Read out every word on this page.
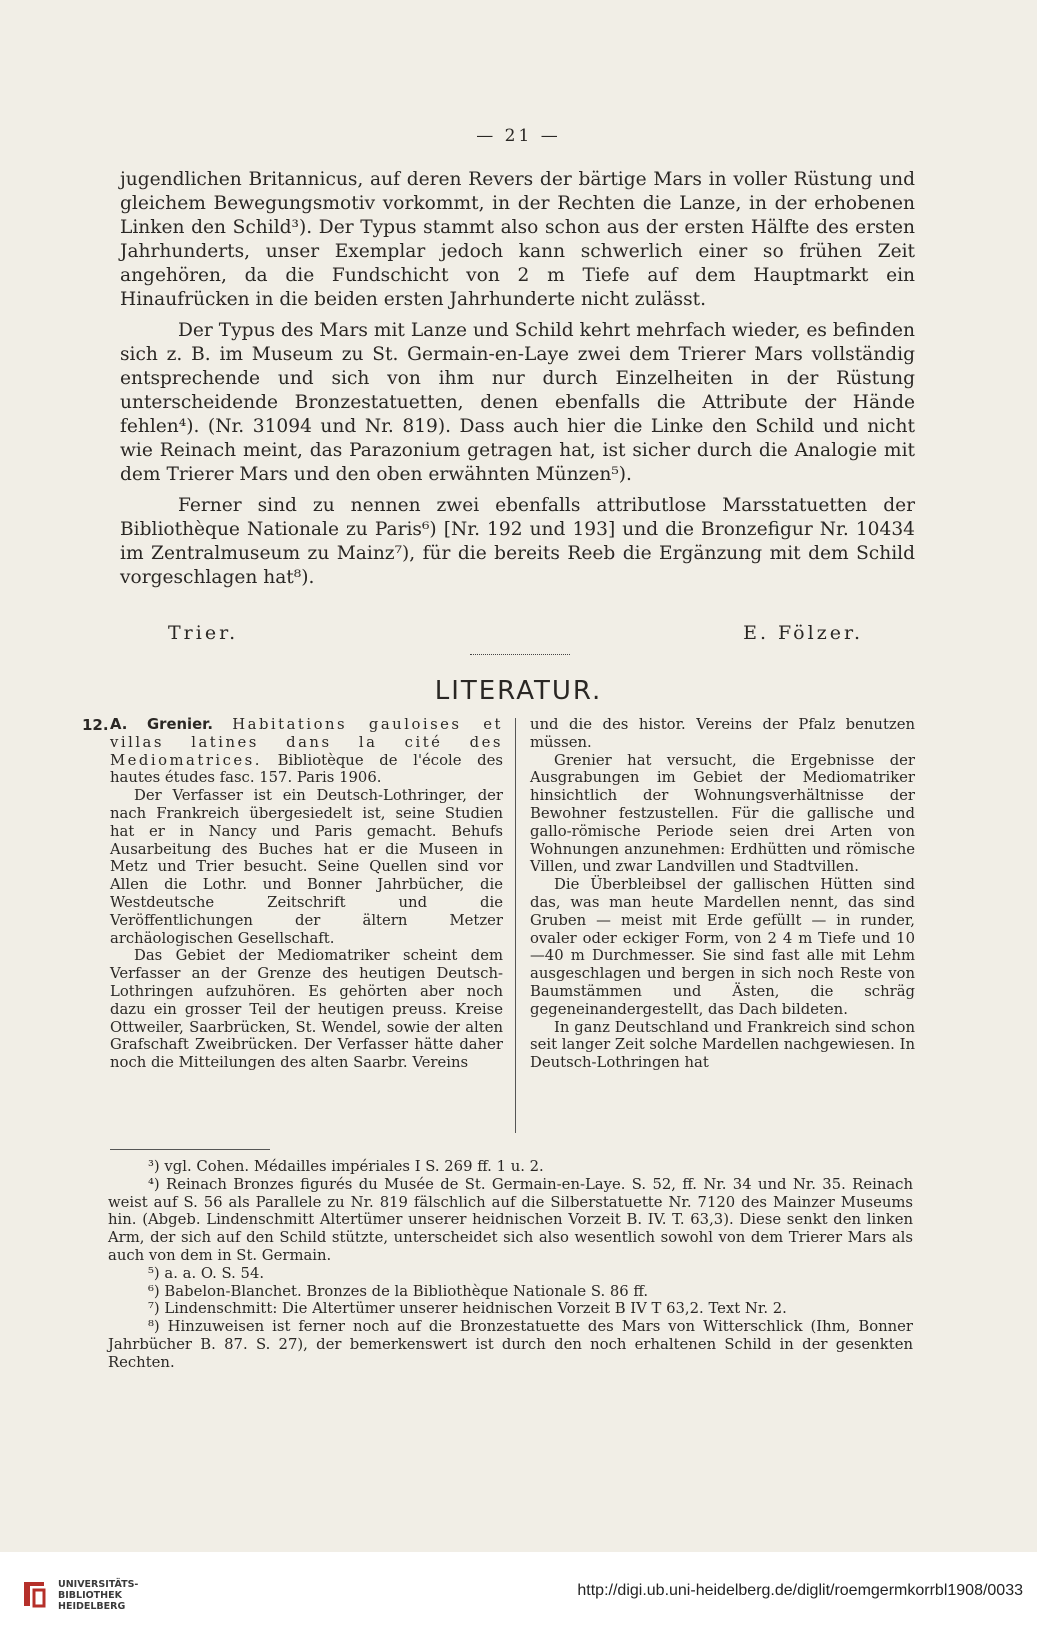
— 21 —

jugendlichen Britannicus, auf deren Revers der bärtige Mars in voller Rüstung und gleichem Bewegungsmotiv vorkommt, in der Rechten die Lanze, in der erhobenen Linken den Schild³). Der Typus stammt also schon aus der ersten Hälfte des ersten Jahrhunderts, unser Exemplar jedoch kann schwerlich einer so frühen Zeit angehören, da die Fundschicht von 2 m Tiefe auf dem Hauptmarkt ein Hinaufrücken in die beiden ersten Jahrhunderte nicht zulässt.

Der Typus des Mars mit Lanze und Schild kehrt mehrfach wieder, es befinden sich z. B. im Museum zu St. Germain-en-Laye zwei dem Trierer Mars vollständig entsprechende und sich von ihm nur durch Einzelheiten in der Rüstung unterscheidende Bronzestatuetten, denen ebenfalls die Attribute der Hände fehlen⁴). (Nr. 31094 und Nr. 819). Dass auch hier die Linke den Schild und nicht wie Reinach meint, das Parazonium getragen hat, ist sicher durch die Analogie mit dem Trierer Mars und den oben erwähnten Münzen⁵).

Ferner sind zu nennen zwei ebenfalls attributlose Marsstatuetten der Bibliothèque Nationale zu Paris⁶) [Nr. 192 und 193] und die Bronzefigur Nr. 10434 im Zentralmuseum zu Mainz⁷), für die bereits Reeb die Ergänzung mit dem Schild vorgeschlagen hat⁸).

Trier.	E. Fölzer.
LITERATUR.
12. A. Grenier. Habitations gauloises et villas latines dans la cité des Mediomatrices. Bibliotèque de l'école des hautes études fasc. 157. Paris 1906.

Der Verfasser ist ein Deutsch-Lothringer, der nach Frankreich übergesiedelt ist, seine Studien hat er in Nancy und Paris gemacht. Behufs Ausarbeitung des Buches hat er die Museen in Metz und Trier besucht. Seine Quellen sind vor Allen die Lothr. und Bonner Jahrbücher, die Westdeutsche Zeitschrift und die Veröffentlichungen der ältern Metzer archäologischen Gesellschaft.

Das Gebiet der Mediomatriker scheint dem Verfasser an der Grenze des heutigen Deutsch-Lothringen aufzuhören. Es gehörten aber noch dazu ein grosser Teil der heutigen preuss. Kreise Ottweiler, Saarbrücken, St. Wendel, sowie der alten Grafschaft Zweibrücken. Der Verfasser hätte daher noch die Mitteilungen des alten Saarbr. Vereins

und die des histor. Vereins der Pfalz benutzen müssen.

Grenier hat versucht, die Ergebnisse der Ausgrabungen im Gebiet der Mediomatriker hinsichtlich der Wohnungsverhältnisse der Bewohner festzustellen. Für die gallische und gallo-römische Periode seien drei Arten von Wohnungen anzunehmen: Erdhütten und römische Villen, und zwar Landvillen und Stadtvillen.

Die Überbleibsel der gallischen Hütten sind das, was man heute Mardellen nennt, das sind Gruben — meist mit Erde gefüllt — in runder, ovaler oder eckiger Form, von 2 4 m Tiefe und 10—40 m Durchmesser. Sie sind fast alle mit Lehm ausgeschlagen und bergen in sich noch Reste von Baumstämmen und Ästen, die schräg gegeneinandergestellt, das Dach bildeten.

In ganz Deutschland und Frankreich sind schon seit langer Zeit solche Mardellen nachgewiesen. In Deutsch-Lothringen hat

³) vgl. Cohen. Médailles impériales I S. 269 ff. 1 u. 2.

⁴) Reinach Bronzes figurés du Musée de St. Germain-en-Laye. S. 52, ff. Nr. 34 und Nr. 35. Reinach weist auf S. 56 als Parallele zu Nr. 819 fälschlich auf die Silberstatuette Nr. 7120 des Mainzer Museums hin. (Abgeb. Lindenschmitt Altertümer unserer heidnischen Vorzeit B. IV. T. 63,3). Diese senkt den linken Arm, der sich auf den Schild stützte, unterscheidet sich also wesentlich sowohl von dem Trierer Mars als auch von dem in St. Germain.

⁵) a. a. O. S. 54.

⁶) Babelon-Blanchet. Bronzes de la Bibliothèque Nationale S. 86 ff.

⁷) Lindenschmitt: Die Altertümer unserer heidnischen Vorzeit B IV T 63,2. Text Nr. 2.

⁸) Hinzuweisen ist ferner noch auf die Bronzestatuette des Mars von Witterschlick (Ihm, Bonner Jahrbücher B. 87. S. 27), der bemerkenswert ist durch den noch erhaltenen Schild in der gesenkten Rechten.

UNIVERSITÄTS-
BIBLIOTHEK
HEIDELBERG
http://digi.ub.uni-heidelberg.de/diglit/roemgermkorrbl1908/0033
